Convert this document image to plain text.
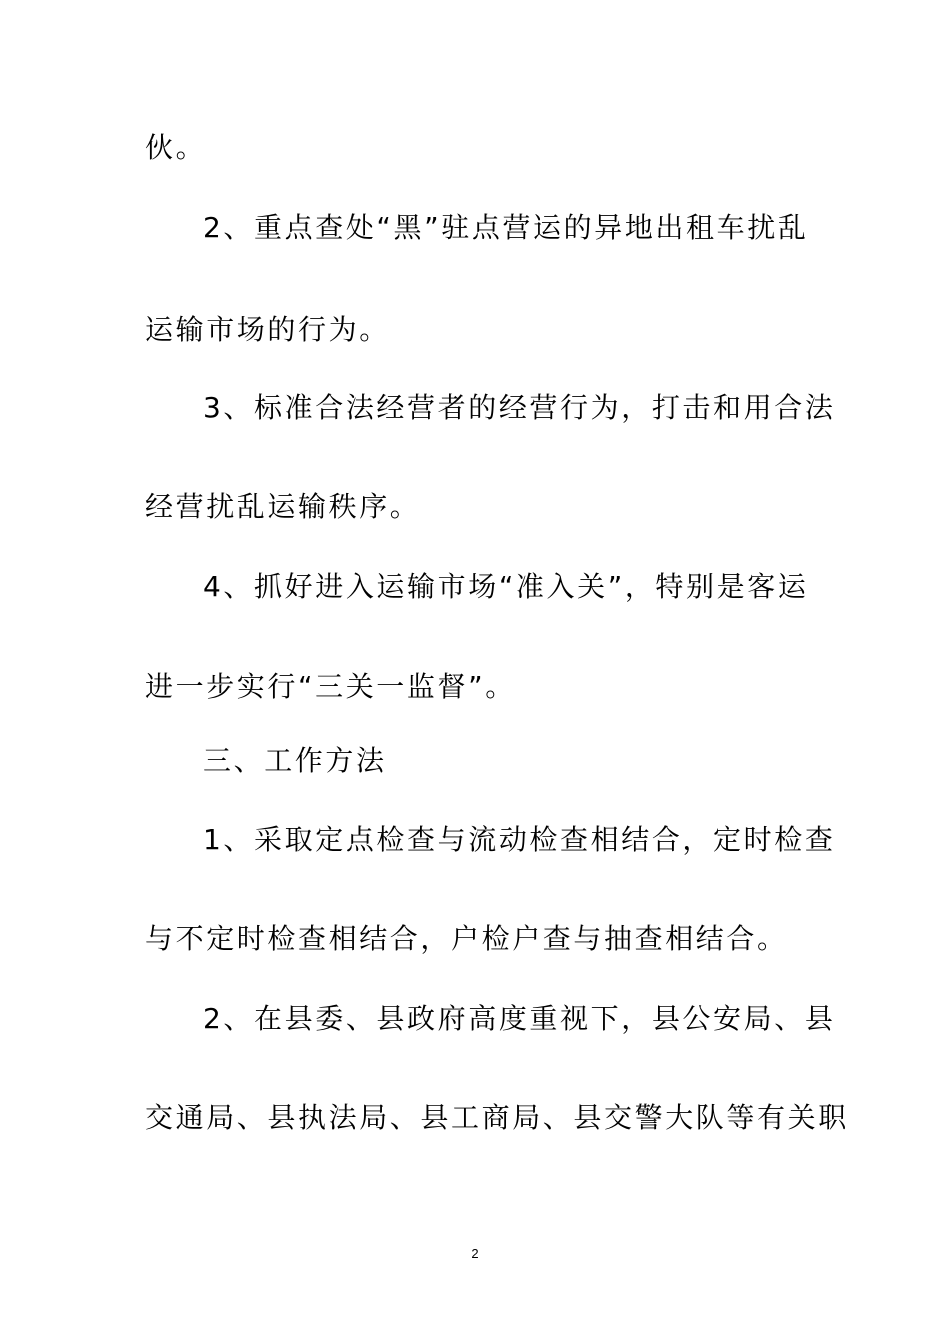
伙。
2、重点查处“黑”驻点营运的异地出租车扰乱
运输市场的行为。
3、标准合法经营者的经营行为，打击和用合法
经营扰乱运输秩序。
4、抓好进入运输市场“准入关”，特别是客运
进一步实行“三关一监督”。
三、工作方法
1、采取定点检查与流动检查相结合，定时检查
与不定时检查相结合，户检户查与抽查相结合。
2、在县委、县政府高度重视下，县公安局、县
交通局、县执法局、县工商局、县交警大队等有关职
2
